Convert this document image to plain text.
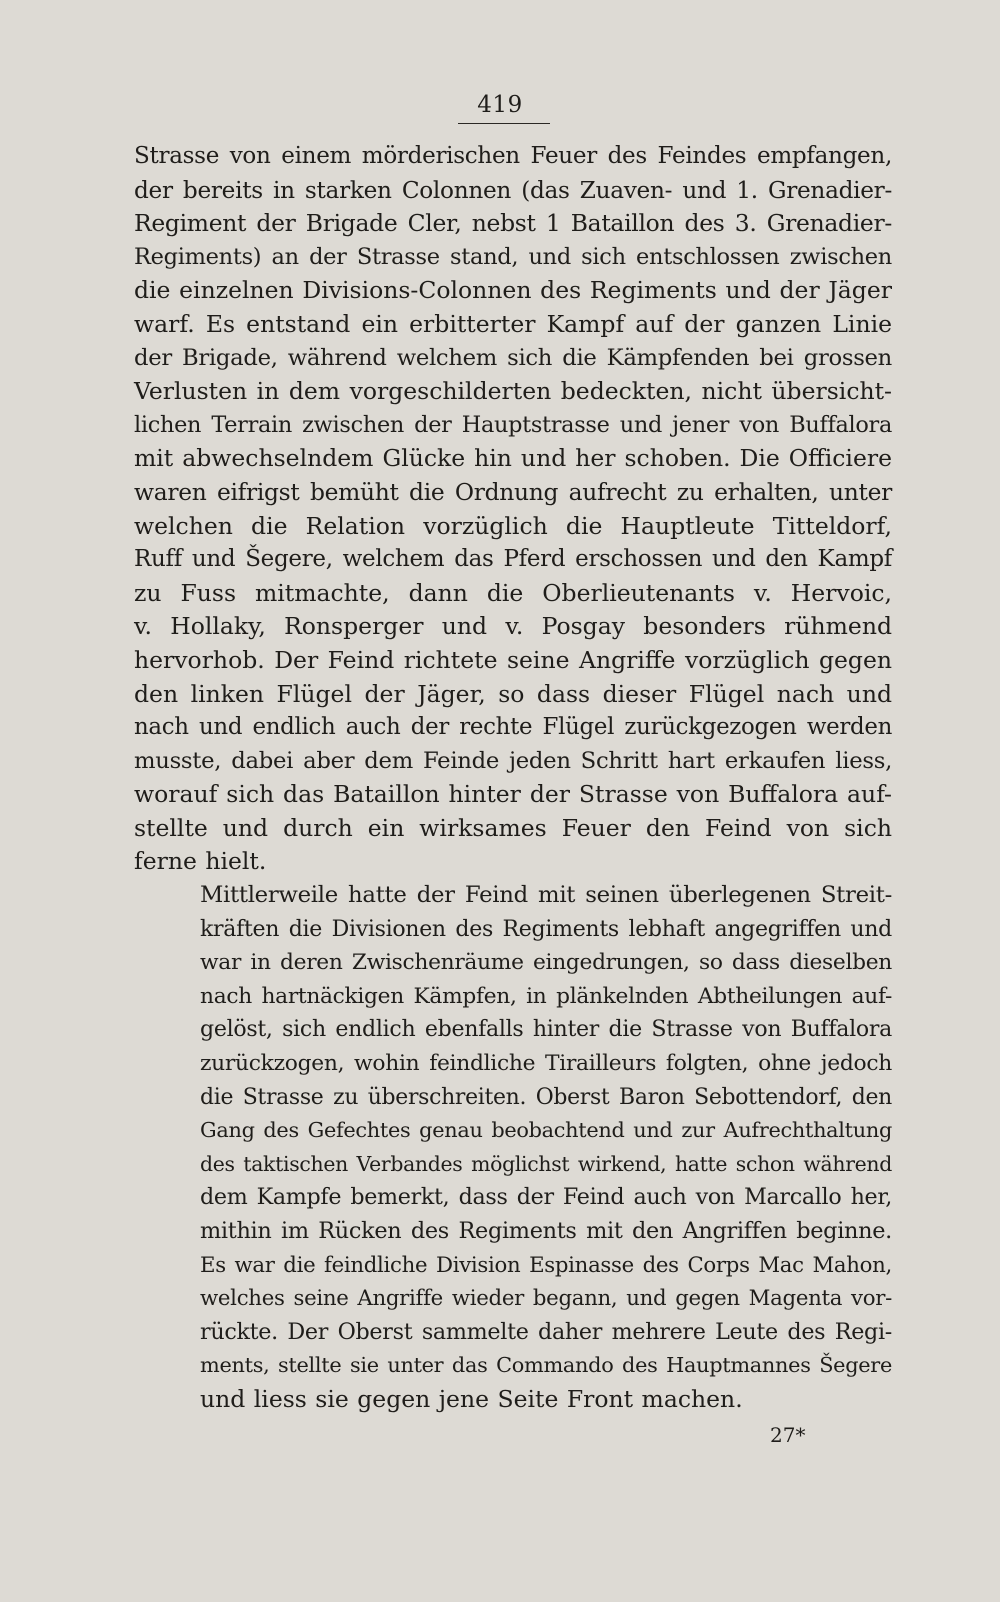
419

Strasse von einem mörderischen Feuer des Feindes empfangen,
der bereits in starken Colonnen (das Zuaven- und 1. Grenadier-
Regiment der Brigade Cler, nebst 1 Bataillon des 3. Grenadier-
Regiments) an der Strasse stand, und sich entschlossen zwischen
die einzelnen Divisions-Colonnen des Regiments und der Jäger
warf. Es entstand ein erbitterter Kampf auf der ganzen Linie
der Brigade, während welchem sich die Kämpfenden bei grossen
Verlusten in dem vorgeschilderten bedeckten, nicht übersicht-
lichen Terrain zwischen der Hauptstrasse und jener von Buffalora
mit abwechselndem Glücke hin und her schoben. Die Officiere
waren eifrigst bemüht die Ordnung aufrecht zu erhalten, unter
welchen die Relation vorzüglich die Hauptleute Titteldorf,
Ruff und Šegere, welchem das Pferd erschossen und den Kampf
zu Fuss mitmachte, dann die Oberlieutenants v. Hervoic,
v. Hollaky, Ronsperger und v. Posgay besonders rühmend
hervorhob. Der Feind richtete seine Angriffe vorzüglich gegen
den linken Flügel der Jäger, so dass dieser Flügel nach und
nach und endlich auch der rechte Flügel zurückgezogen werden
musste, dabei aber dem Feinde jeden Schritt hart erkaufen liess,
worauf sich das Bataillon hinter der Strasse von Buffalora auf-
stellte und durch ein wirksames Feuer den Feind von sich
ferne hielt.

Mittlerweile hatte der Feind mit seinen überlegenen Streit-
kräften die Divisionen des Regiments lebhaft angegriffen und
war in deren Zwischenräume eingedrungen, so dass dieselben
nach hartnäckigen Kämpfen, in plänkelnden Abtheilungen auf-
gelöst, sich endlich ebenfalls hinter die Strasse von Buffalora
zurückzogen, wohin feindliche Tirailleurs folgten, ohne jedoch
die Strasse zu überschreiten. Oberst Baron Sebottendorf, den
Gang des Gefechtes genau beobachtend und zur Aufrechthaltung
des taktischen Verbandes möglichst wirkend, hatte schon während
dem Kampfe bemerkt, dass der Feind auch von Marcallo her,
mithin im Rücken des Regiments mit den Angriffen beginne.
Es war die feindliche Division Espinasse des Corps Mac Mahon,
welches seine Angriffe wieder begann, und gegen Magenta vor-
rückte. Der Oberst sammelte daher mehrere Leute des Regi-
ments, stellte sie unter das Commando des Hauptmannes Šegere
und liess sie gegen jene Seite Front machen.

27*
